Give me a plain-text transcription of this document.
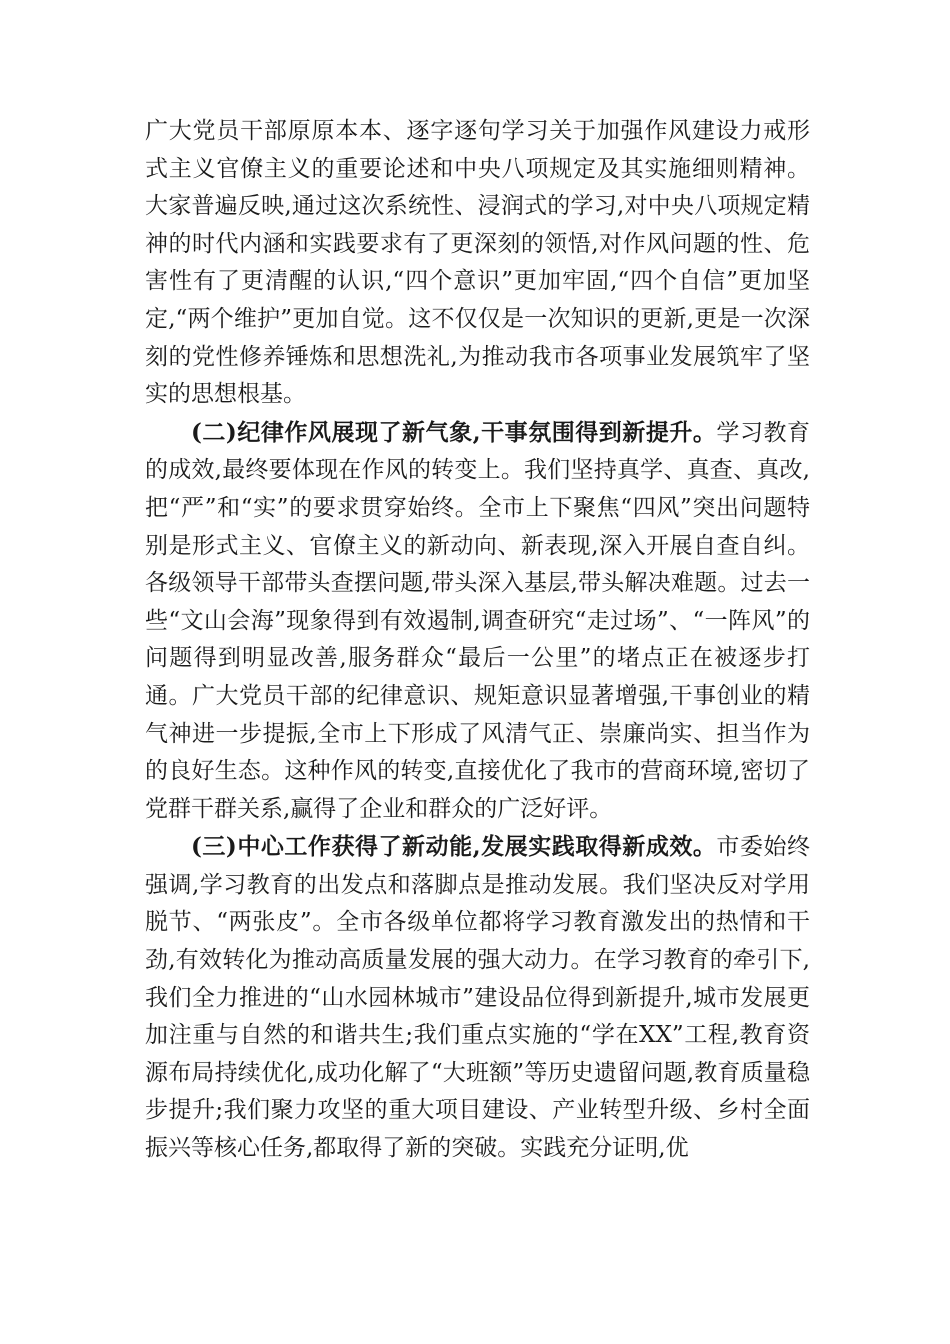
广大党员干部原原本本、逐字逐句学习关于加强作风建设力戒形式主义官僚主义的重要论述和中央八项规定及其实施细则精神。大家普遍反映,通过这次系统性、浸润式的学习,对中央八项规定精神的时代内涵和实践要求有了更深刻的领悟,对作风问题的性、危害性有了更清醒的认识,“四个意识”更加牢固,“四个自信”更加坚定,“两个维护”更加自觉。这不仅仅是一次知识的更新,更是一次深刻的党性修养锤炼和思想洗礼,为推动我市各项事业发展筑牢了坚实的思想根基。

(二)纪律作风展现了新气象,干事氛围得到新提升。学习教育的成效,最终要体现在作风的转变上。我们坚持真学、真查、真改,把“严”和“实”的要求贯穿始终。全市上下聚焦“四风”突出问题特别是形式主义、官僚主义的新动向、新表现,深入开展自查自纠。各级领导干部带头查摆问题,带头深入基层,带头解决难题。过去一些“文山会海”现象得到有效遏制,调查研究“走过场”、“一阵风”的问题得到明显改善,服务群众“最后一公里”的堵点正在被逐步打通。广大党员干部的纪律意识、规矩意识显著增强,干事创业的精气神进一步提振,全市上下形成了风清气正、崇廉尚实、担当作为的良好生态。这种作风的转变,直接优化了我市的营商环境,密切了党群干群关系,赢得了企业和群众的广泛好评。

(三)中心工作获得了新动能,发展实践取得新成效。市委始终强调,学习教育的出发点和落脚点是推动发展。我们坚决反对学用脱节、“两张皮”。全市各级单位都将学习教育激发出的热情和干劲,有效转化为推动高质量发展的强大动力。在学习教育的牵引下,我们全力推进的“山水园林城市”建设品位得到新提升,城市发展更加注重与自然的和谐共生;我们重点实施的“学在XX”工程,教育资源布局持续优化,成功化解了“大班额”等历史遗留问题,教育质量稳步提升;我们聚力攻坚的重大项目建设、产业转型升级、乡村全面振兴等核心任务,都取得了新的突破。实践充分证明,优
